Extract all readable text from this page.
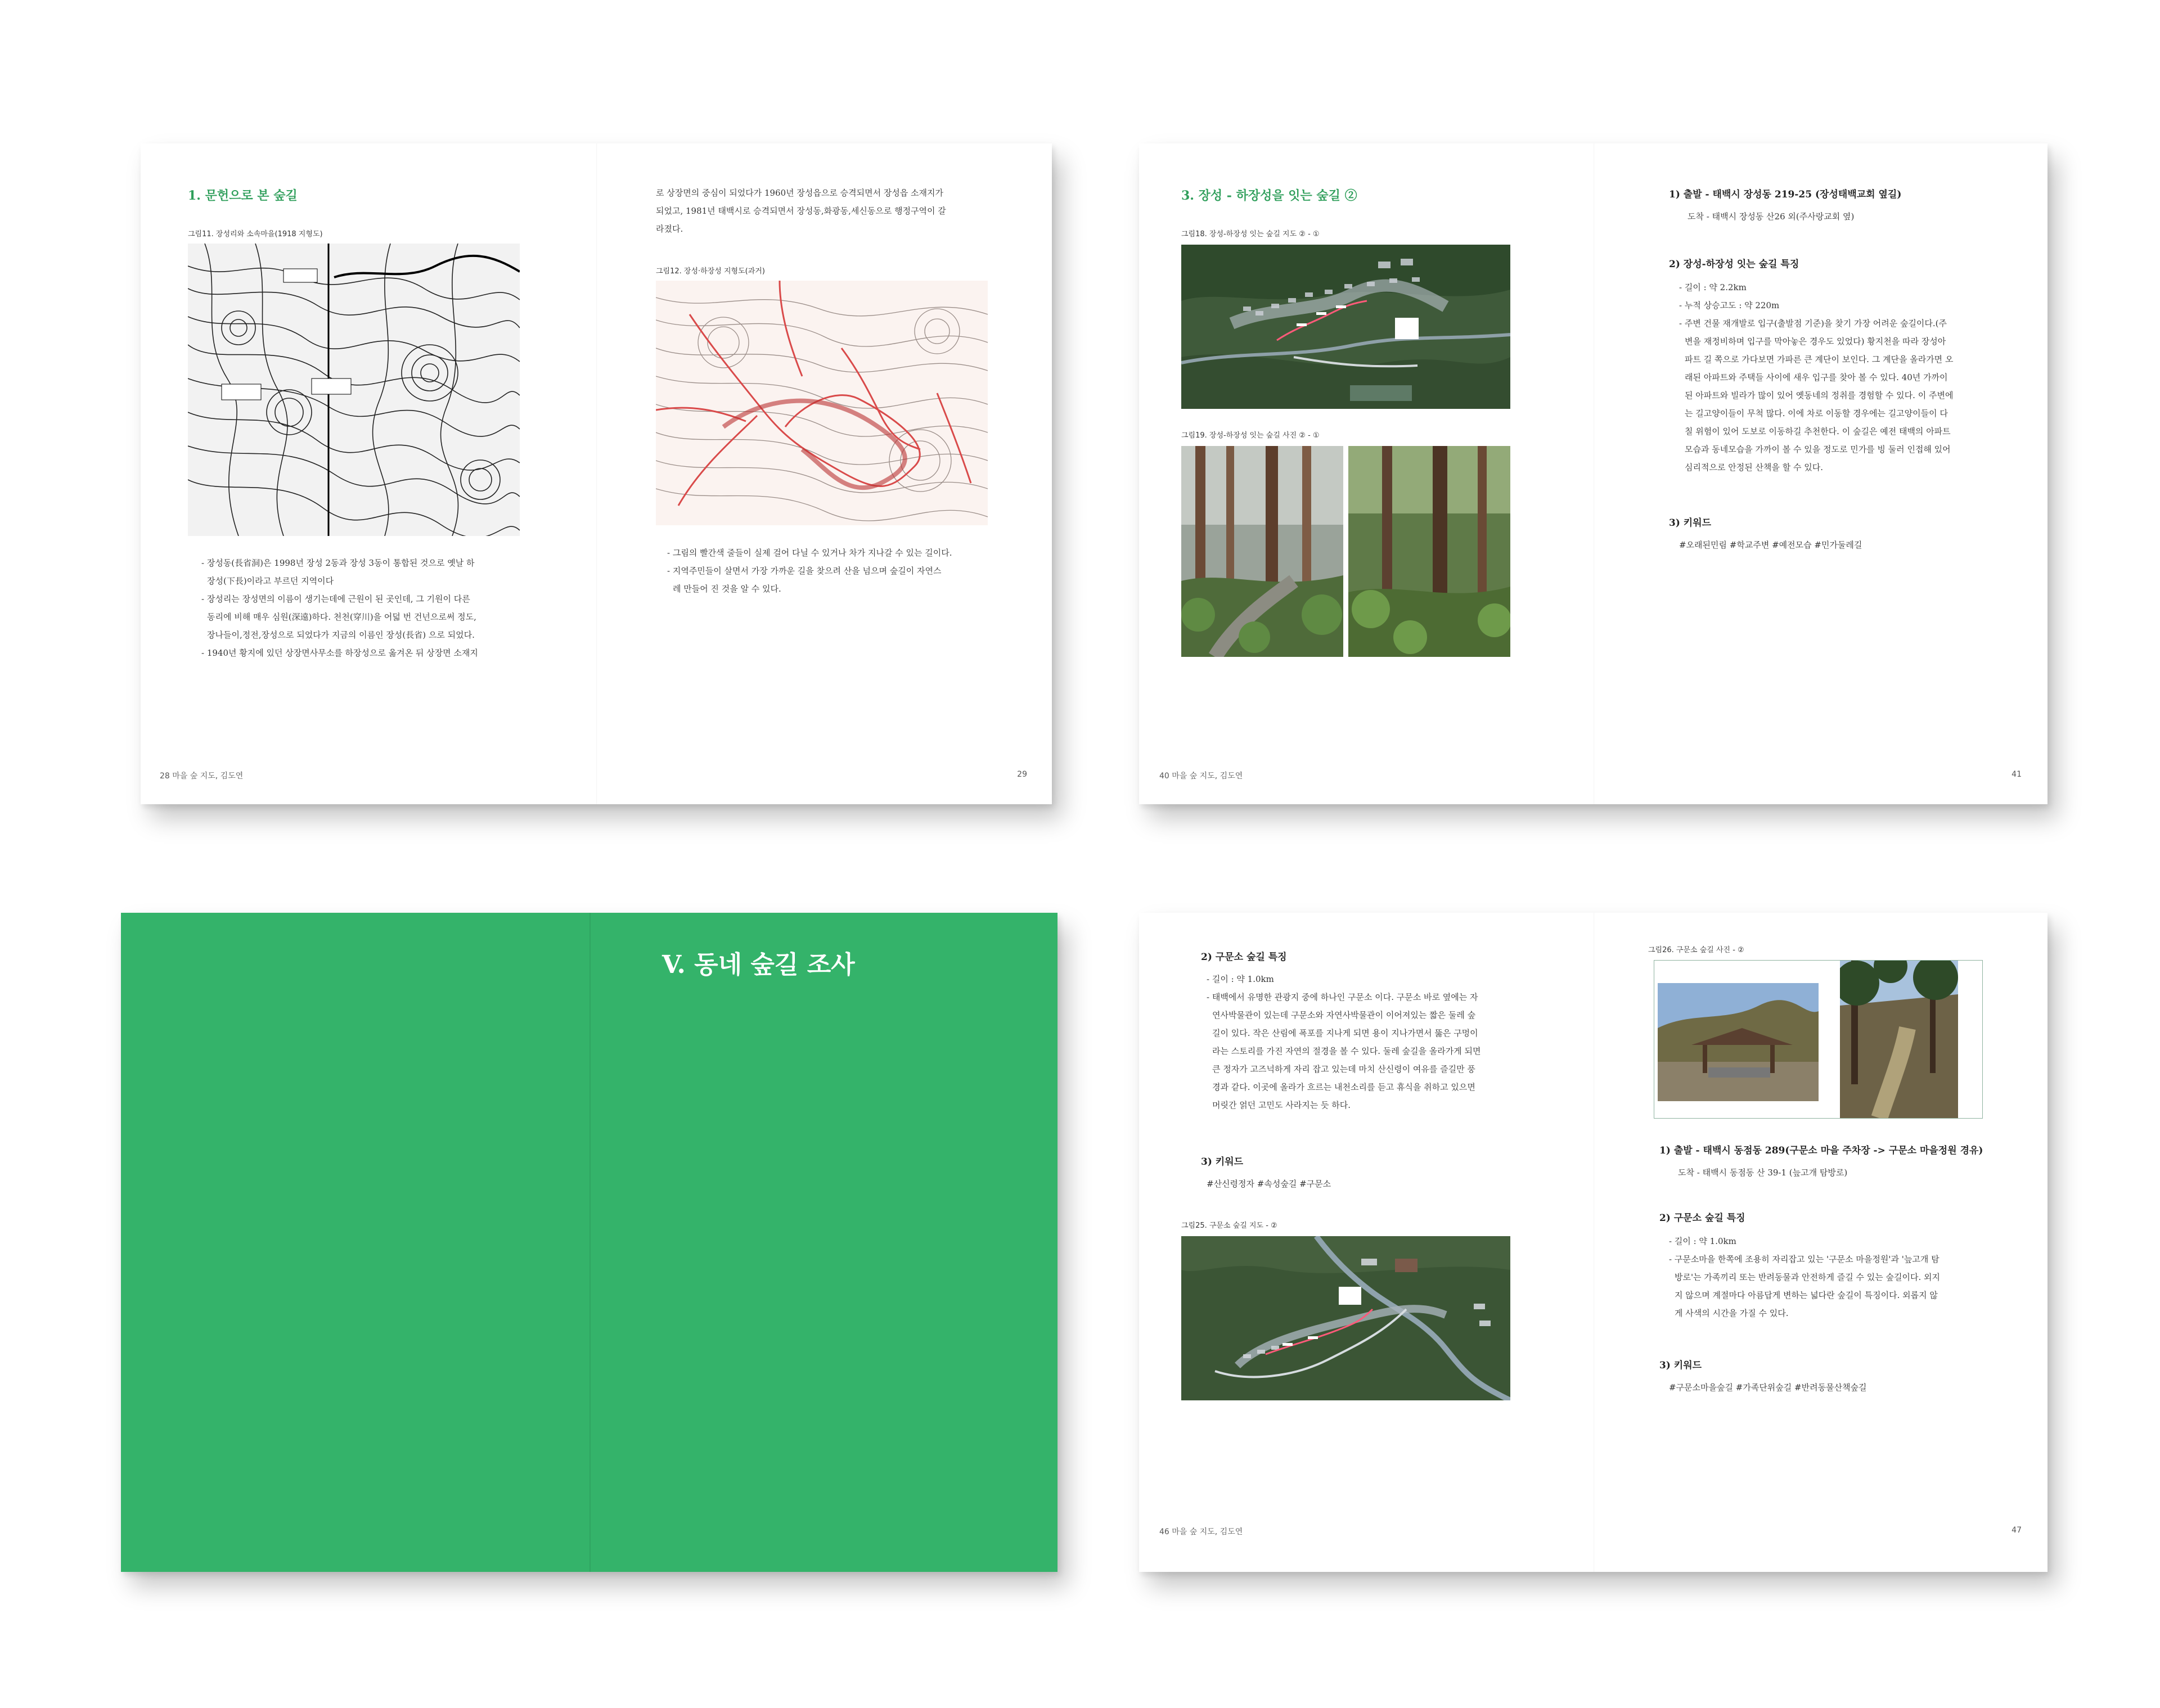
1. 문헌으로 본 숲길
그림11. 장성리와 소속마을(1918 지형도)

- 장성동(長省洞)은 1998년 장성 2동과 장성 3동이 통합된 것으로 옛날 하

장성(下長)이라고 부르던 지역이다

- 장성리는 장성면의 이름이 생기는데에 근원이 된 곳인데, 그 기원이 다른

동리에 비해 매우 심원(深遠)하다. 천천(穿川)을 어덟 번 건넌으로써 정도,

장나들이,정전,장성으로 되었다가 지금의 이름인 장성(長省) 으로 되었다.

- 1940년 황지에 있던 상장면사무소를 하장성으로 옮겨온 뒤 상장면 소재지

로 상장면의 중심이 되었다가 1960년 장성읍으로 승격되면서 장성읍 소재지가

되었고, 1981년 태백시로 승격되면서 장성동,화광동,세신동으로 행정구역이 갈

라졌다.

그림12. 장성·하장성 지형도(과거)

- 그림의 빨간색 줄들이 실제 걸어 다닐 수 있거나 차가 지나갈 수 있는 길이다.

- 지역주민들이 살면서 가장 가까운 길을 찾으려 산을 넘으며 숲길이 자연스

레 만들어 진 것을 알 수 있다.

28 마을 숲 지도, 김도연	29
3. 장성 - 하장성을 잇는 숲길 ②
그림18. 장성-하장성 잇는 숲길 지도 ② - ①
그림19. 장성-하장성 잇는 숲길 사진 ② - ①
1) 출발 - 태백시 장성동 219-25 (장성태백교회 옆길)
도착 - 태백시 장성동 산26 외(주사랑교회 옆)
2) 장성-하장성 잇는 숲길 특징

- 길이 : 약 2.2km

- 누적 상승고도 : 약 220m

- 주변 건물 재개발로 입구(출발점 기준)을 찾기 가장 어려운 숲길이다.(주

변을 재정비하며 입구를 막아놓은 경우도 있었다) 황지천을 따라 장성아

파트 길 쪽으로 가다보면 가파른 큰 계단이 보인다. 그 계단을 올라가면 오

래된 아파트와 주택들 사이에 새우 입구를 찾아 볼 수 있다. 40년 가까이

된 아파트와 빌라가 많이 있어 옛동네의 정취를 경험할 수 있다. 이 주변에

는 길고양이들이 무척 많다. 이에 차로 이동할 경우에는 길고양이들이 다

칠 위험이 있어 도보로 이동하길 추천한다. 이 숲길은 예전 태백의 아파트

모습과 동네모습을 가까이 볼 수 있을 정도로 민가를 빙 둘러 인접해 있어

심리적으로 안정된 산책을 할 수 있다.

3) 키워드
#오래된민림 #학교주변 #예전모습 #민가둘레길
40 마을 숲 지도, 김도연	41
V. 동네 숲길 조사	2) 구문소 숲길 특징

- 길이 : 약 1.0km

- 태백에서 유명한 관광지 중에 하나인 구문소 이다. 구문소 바로 옆에는 자

연사박물관이 있는데 구문소와 자연사박물관이 이어져있는 짧은 둘레 숲

길이 있다. 작은 산림에 폭포를 지나게 되면 용이 지나가면서 뚫은 구멍이

라는 스토리를 가진 자연의 절경을 볼 수 있다. 둘레 숲길을 올라가게 되면

큰 정자가 고즈넉하게 자리 잡고 있는데 마치 산신령이 여유를 즐길만 풍

경과 같다. 이곳에 올라가 흐르는 내천소리를 듣고 휴식을 취하고 있으면

머릿간 얽던 고민도 사라지는 듯 하다.

3) 키워드
#산신령정자 #속성숲길 #구문소
그림25. 구문소 숲길 지도 - ②
그림26. 구문소 숲길 사진 - ②
1) 출발 - 태백시 동점동 289(구문소 마을 주차장 -> 구문소 마을정원 경유)
도착 - 태백시 동점동 산 39-1 (늪고개 탐방로)
2) 구문소 숲길 특징

- 길이 : 약 1.0km

- 구문소마을 한쪽에 조용히 자리잡고 있는 '구문소 마을정원'과 '늪고개 탐

방로'는 가족끼리 또는 반려동물과 안전하게 즐길 수 있는 숲길이다. 외지

지 않으며 계절마다 아름답게 변하는 넓다란 숲길이 특징이다. 외롭지 않

게 사색의 시간을 가질 수 있다.

3) 키워드
#구문소마을숲길 #가족단위숲길 #반려동물산책숲길
46 마을 숲 지도, 김도연	47
